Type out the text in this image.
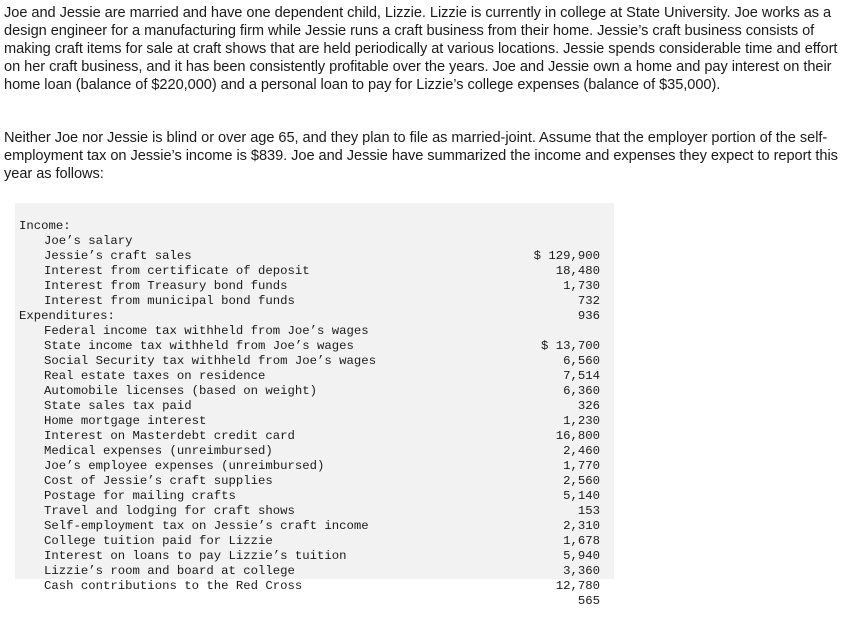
Joe and Jessie are married and have one dependent child, Lizzie. Lizzie is currently in college at State University. Joe works as a design engineer for a manufacturing firm while Jessie runs a craft business from their home. Jessie’s craft business consists of making craft items for sale at craft shows that are held periodically at various locations. Jessie spends considerable time and effort on her craft business, and it has been consistently profitable over the years. Joe and Jessie own a home and pay interest on their home loan (balance of $220,000) and a personal loan to pay for Lizzie’s college expenses (balance of $35,000).

Neither Joe nor Jessie is blind or over age 65, and they plan to file as married-joint. Assume that the employer portion of the self-employment tax on Jessie’s income is $839. Joe and Jessie have summarized the income and expenses they expect to report this year as follows:

Income:

Joe’s salary

$ 129,900

Jessie’s craft sales

18,480

Interest from certificate of deposit

1,730

Interest from Treasury bond funds

732

Interest from municipal bond funds

936

Expenditures:

Federal income tax withheld from Joe’s wages

$ 13,700

State income tax withheld from Joe’s wages

6,560

Social Security tax withheld from Joe’s wages

7,514

Real estate taxes on residence

6,360

Automobile licenses (based on weight)

326

State sales tax paid

1,230

Home mortgage interest

16,800

Interest on Masterdebt credit card

2,460

Medical expenses (unreimbursed)

1,770

Joe’s employee expenses (unreimbursed)

2,560

Cost of Jessie’s craft supplies

5,140

Postage for mailing crafts

153

Travel and lodging for craft shows

2,310

Self-employment tax on Jessie’s craft income

1,678

College tuition paid for Lizzie

5,940

Interest on loans to pay Lizzie’s tuition

3,360

Lizzie’s room and board at college

12,780

Cash contributions to the Red Cross

565
